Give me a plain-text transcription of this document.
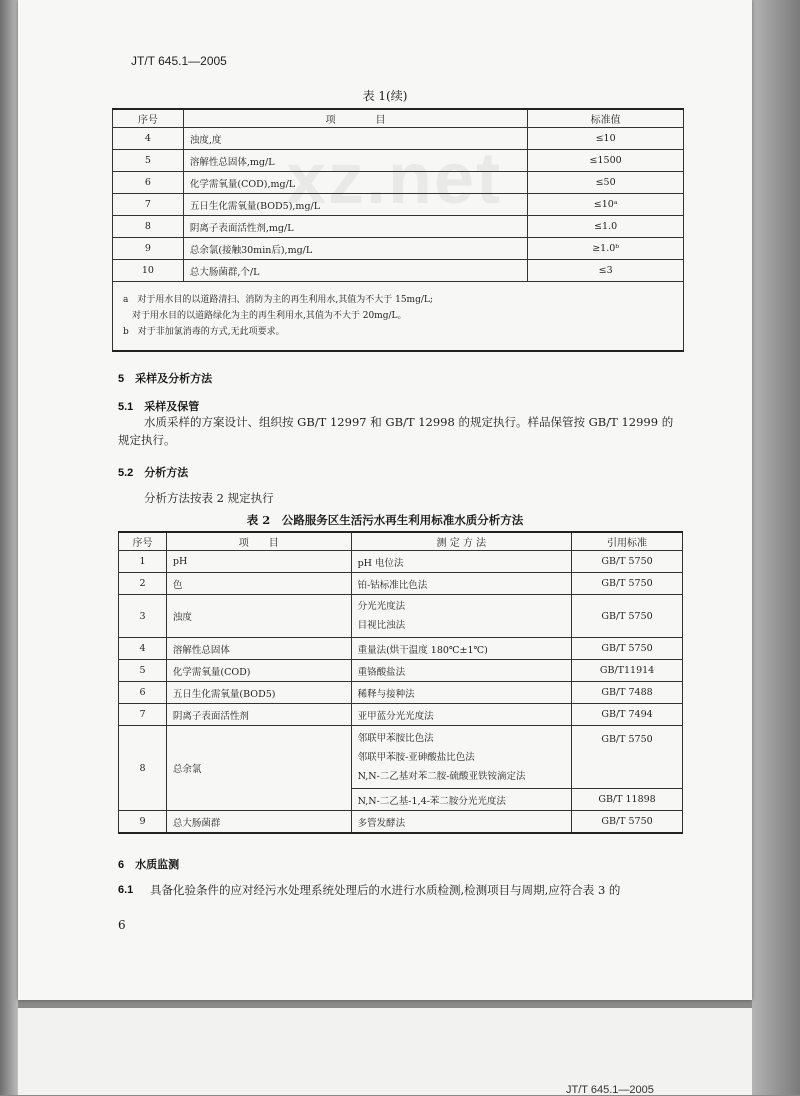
xz.net
JT/T 645.1—2005
表 1(续)
序号	项　　　　目	标准值
4	浊度,度	≤10
5	溶解性总固体,mg/L	≤1500
6	化学需氧量(COD),mg/L	≤50
7	五日生化需氧量(BOD5),mg/L	≤10ᵃ
8	阴离子表面活性剂,mg/L	≤1.0
9	总余氯(接触30min后),mg/L	≥1.0ᵇ
10	总大肠菌群,个/L	≤3

a　对于用水目的以道路清扫、消防为主的再生利用水,其值为不大于 15mg/L;
　对于用水目的以道路绿化为主的再生利用水,其值为不大于 20mg/L。
b　对于非加氯消毒的方式,无此项要求。		
5　采样及分析方法
5.1　采样及保管
水质采样的方案设计、组织按 GB/T 12997 和 GB/T 12998 的规定执行。样品保管按 GB/T 12999 的
规定执行。
5.2　分析方法
分析方法按表 2 规定执行
表 2　公路服务区生活污水再生利用标准水质分析方法
序号	项　　目	测 定 方 法	引用标准
1	pH	pH 电位法	GB/T 5750
2	色	铂-钴标准比色法	GB/T 5750
3	浊度	分光光度法
目视比浊法	GB/T 5750
4	溶解性总固体	重量法(烘干温度 180℃±1℃)	GB/T 5750
5	化学需氧量(COD)	重铬酸盐法	GB/T11914
6	五日生化需氧量(BOD5)	稀释与接种法	GB/T 7488
7	阴离子表面活性剂	亚甲蓝分光光度法	GB/T 7494
8	总余氯	邻联甲苯胺比色法
邻联甲苯胺-亚砷酸盐比色法
N,N-二乙基对苯二胺-硫酸亚铁铵滴定法	GB/T 5750
		N,N-二乙基-1,4-苯二胺分光光度法	GB/T 11898
9	总大肠菌群	多管发酵法	GB/T 5750
6　水质监测
6.1 具备化验条件的应对经污水处理系统处理后的水进行水质检测,检测项目与周期,应符合表 3 的
6
JT/T 645.1—2005
